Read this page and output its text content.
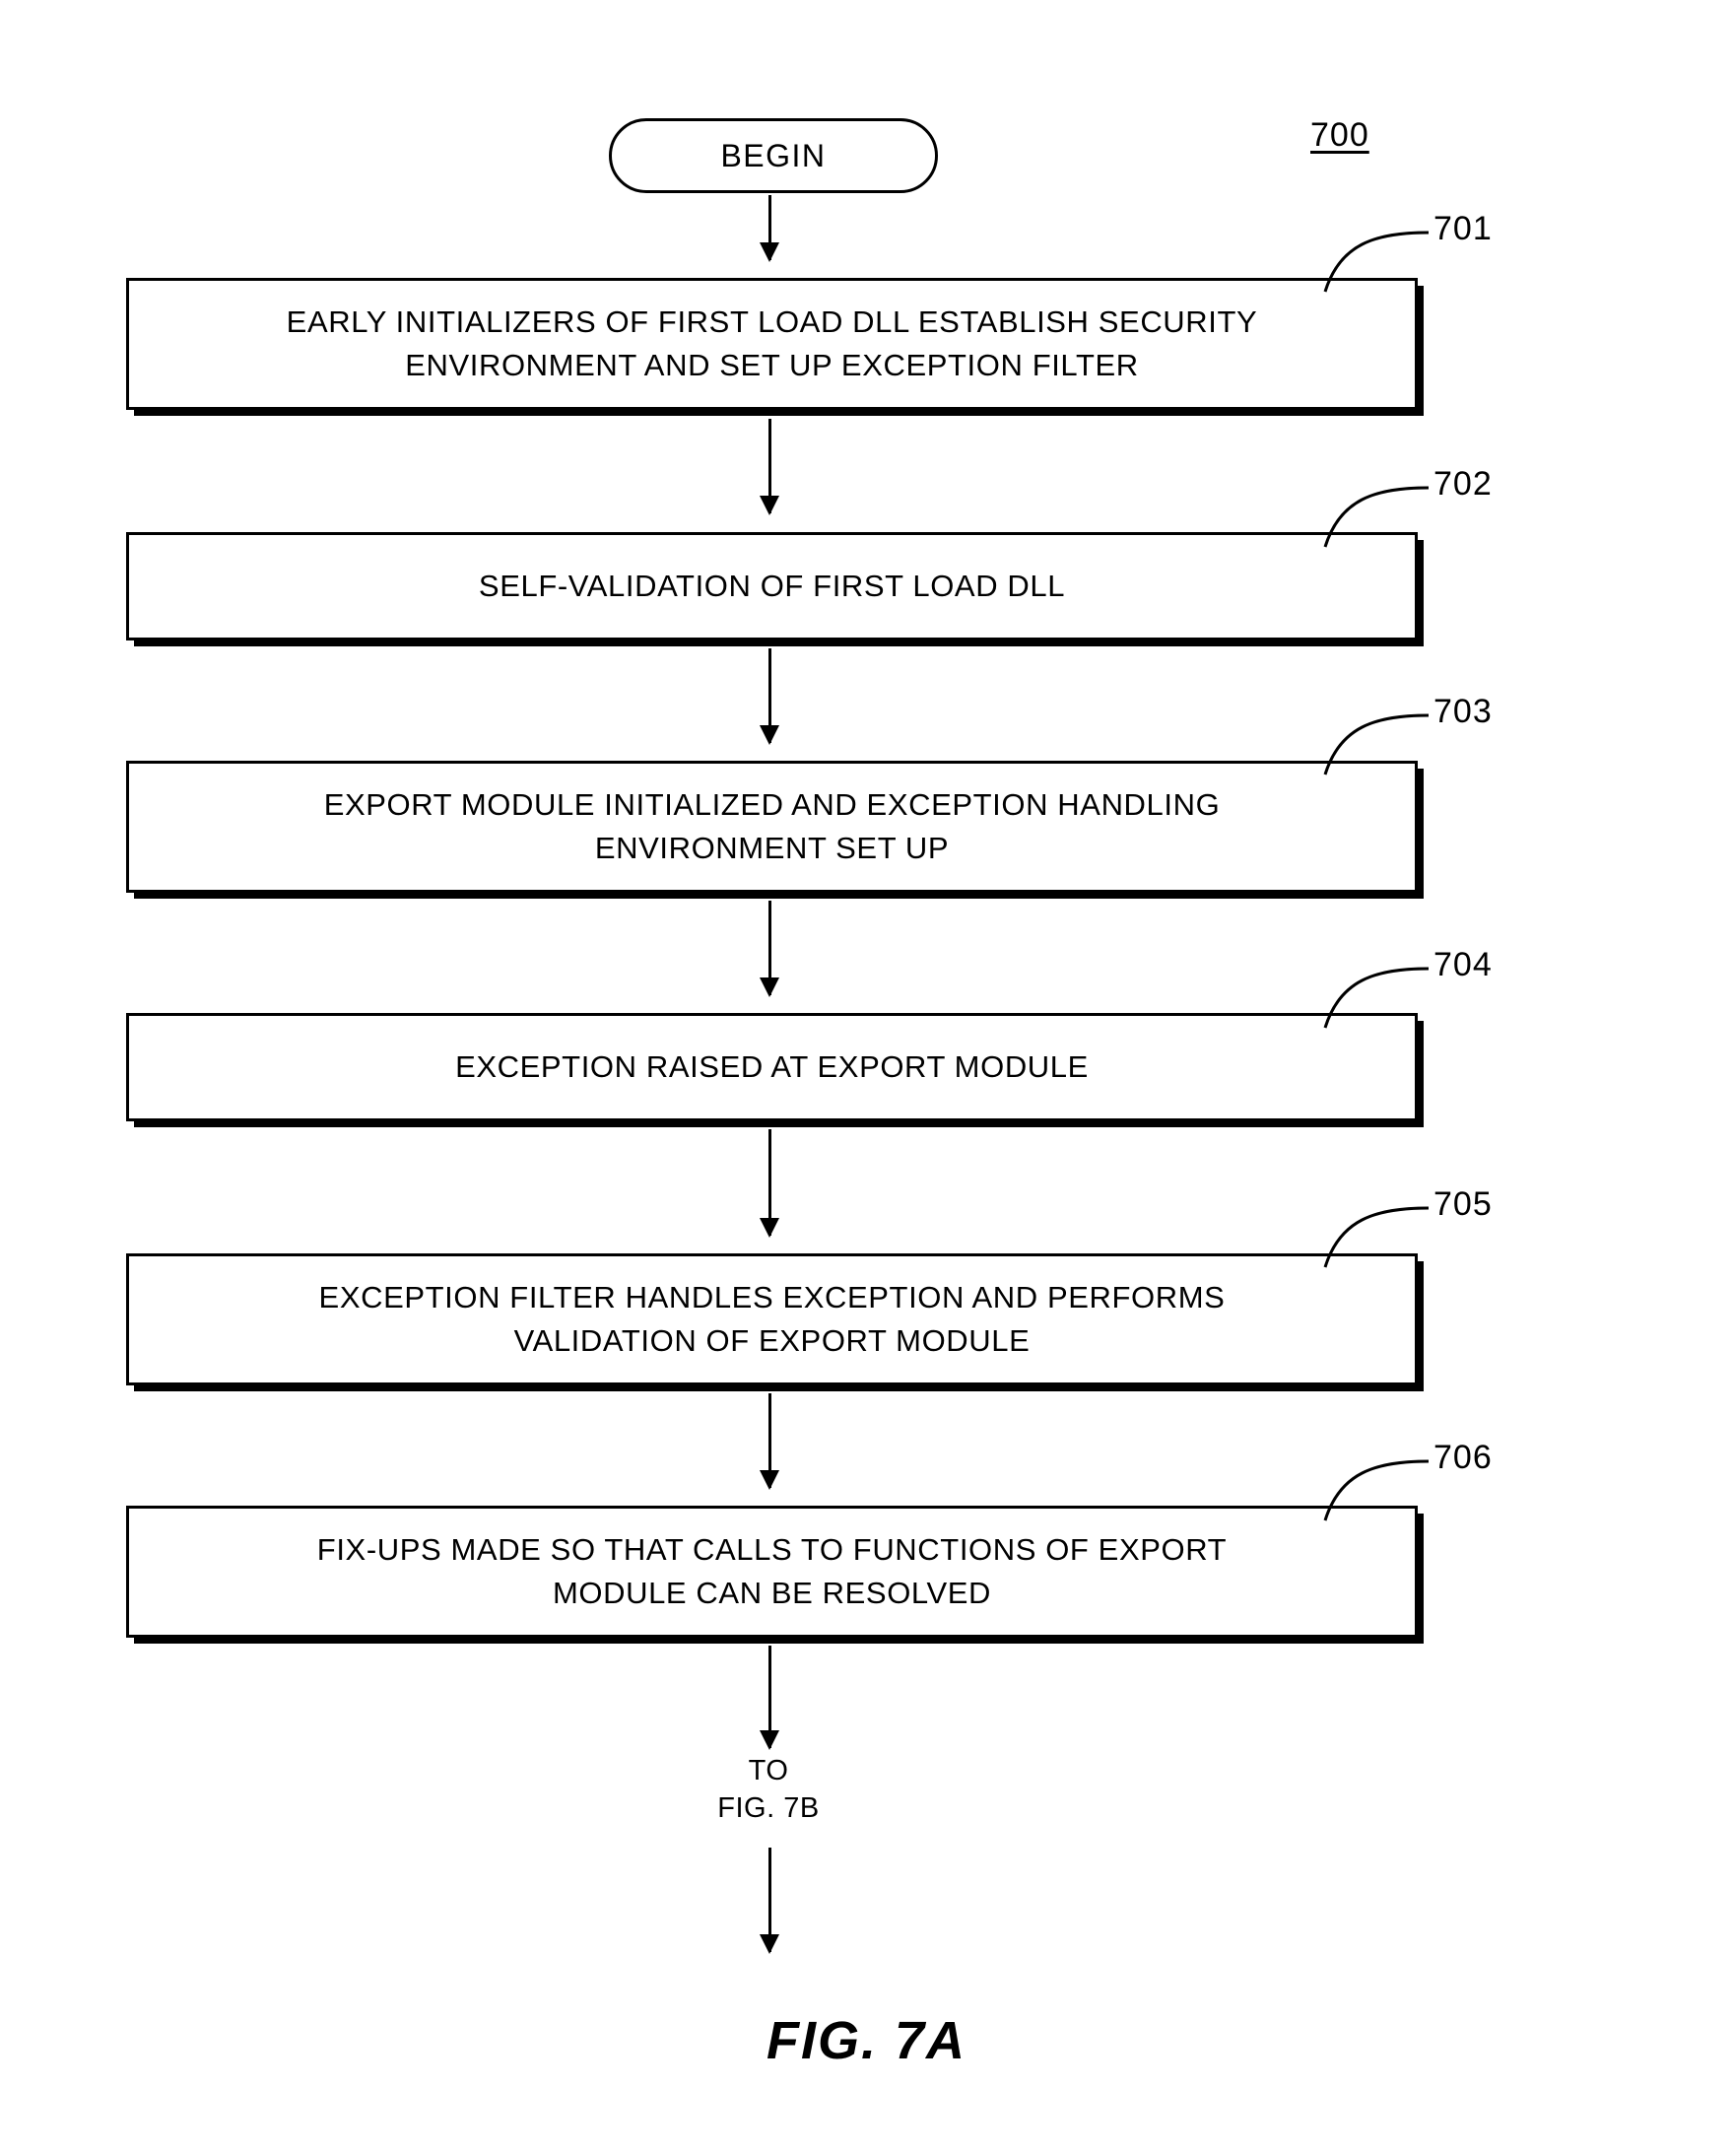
700
BEGIN
EARLY INITIALIZERS OF FIRST LOAD DLL ESTABLISH SECURITY
ENVIRONMENT AND SET UP EXCEPTION FILTER
701
SELF-VALIDATION OF FIRST LOAD DLL
702
EXPORT MODULE INITIALIZED AND EXCEPTION HANDLING
ENVIRONMENT SET UP
703
EXCEPTION RAISED AT EXPORT MODULE
704
EXCEPTION FILTER HANDLES EXCEPTION AND PERFORMS
VALIDATION OF EXPORT MODULE
705
FIX-UPS MADE SO THAT CALLS TO FUNCTIONS OF EXPORT
MODULE CAN BE RESOLVED
706
TO
FIG. 7B
FIG. 7A
